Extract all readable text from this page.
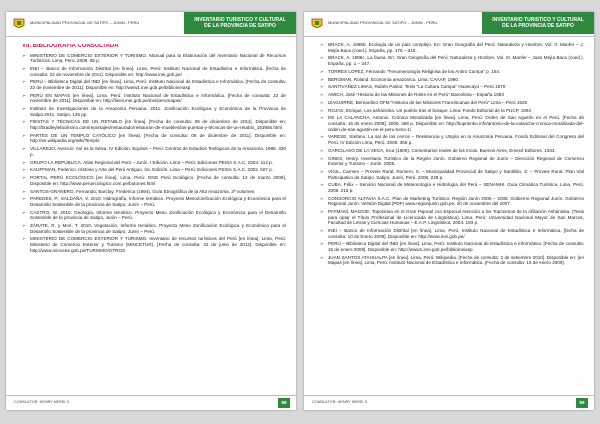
MUNICIPALIDAD PROVINCIAL DE SATIPO – JUNIN - PERU	INVENTARIO TURISTICO Y CULTURAL
DE LA PROVINCIA DE SATIPO
VII. BIBLIOGRAFIA CONSULTADA
➢ MINISTERIO DE COMERCIO EXTERIOR Y TURISMO. Manual para la Elaboración del Inventario Nacional de Recursos Turísticos. Lima, Perú. 2008. 65 p.
➢ INEI – Banco de Información Distrital [en línea]. Lima, Perú: Instituto Nacional de Estadística e Informática, [fecha de consulta: 22 de noviembre de 2011]. Disponible en: http://www.inei.gob.pe/
➢ PERÚ – Biblioteca Digital del INEI [en línea]. Lima, Perú: Instituto Nacional de Estadística e Informática. [Fecha de consulta: 22 de noviembre de 2011]. Disponible en: http://www1.inei.gob.pe/biblioineiasp
➢ PERÚ EN MAPAS [en línea]. Lima, Perú: Instituto Nacional de Estadística e Informática. [Fecha de consulta: 22 de noviembre de 2011]. Disponible en: http://lineii.inei.gob.pe/inei/perumapas/
➢ Instituto de Investigaciones de la Amazonía Peruana. 2011. Zonificación Ecológica y Económica de la Provincia de Satipo.2011. Satipo, 126 pp.
➢ FIESTAS Y TÉCNICAS DE UN RETABLO [en línea]. [Fecha de consulta: 08 de diciembre de 2011]. Disponible en: http://bradleylefacilismo.com/reportajes/restaurado/restauran-de-muebles/las-puertas-y-técnicas-de-un-retablo_163956.html
➢ PARTES DE UN TEMPLO CATÓLICO [en línea]. [Fecha de consulta: 08 de diciembre de 2011]. Disponible en: http://es.wikipedia.org/wiki/Templo
➢ VILLAREJO, Avencio. Así es la Selva. IV Edición. Equitos – Perú: Centros de Estudios Teológicos de la Amazonía, 1988. 330 p.
➢ GRUPO LA REPÚBLICA. Atlas Regional del Perú – Junín. I Edición. Lima – Perú: Ediciones PEISA S.A.C. 2004. 112 p.
➢ KAUFFMAN, Federico. Historia y Arte del Perú Antiguo. Ira. Edición. Lima – Perú: Ediciones PEISA S.A.C. 2002. 507 p.
➢ PORTAL PERÚ ECOLÓGICO [en línea]. Lima, Perú: ONG Perú Ecológico. [Fecha de consulta: 12 de marzo 2009]. Disponible en: http://www.peruecologico.com.pe/botones.html
➢ SANTOS-GRANERO, Fernando; Barclay, Frederica (1994). Guía Etnográfica de la Alta Amazonía, 3ª volumen.
➢ PAREDES, P.; SALDAÑA, V. 2010. Hidrografía, Informe temático. Proyecto Mesozonificación Ecológica y Económica para el Desarrollo Sostenible de la provincia de Satipo, Junín – Perú.
➢ CASTRO, W. 2010. Geología, Informe temático. Proyecto Meso Zonificación Ecológica y Económica para el Desarrollo Sostenible de la provincia de Satipo, Junín – Perú.
➢ ZÁRATE, R. y Mori, T. 2010. Vegetación, Informe temático. Proyecto Meso Zonificación Ecológica y Económica para el Desarrollo Sostenible de la provincia de Satipo, Junín – Perú.
➢ MINISTERIO DE COMERCIO EXTERIOR Y TURISMO. Inventario de recursos turísticos del Perú [en línea]. Lima, Perú: Ministerio de Comercio Exterior y Turismo (MINCETUR). [Fecha de consulta: 22 de junio de 2012]. Disponible en: http://www.mincetur.gob.pe/TURISMO/OTROS
CONSULTOR: HENRY NEREI S.	98
MUNICIPALIDAD PROVINCIAL DE SATIPO – JUNIN - PERU	INVENTARIO TURISTICO Y CULTURAL
DE LA PROVINCIA DE SATIPO
➢ BRACK, A. 1986b. Ecología de un país complejo. En: Gran Geografía del Perú: Naturaleza y Hombre, Vol. II. Manfer – J. Mejía Baca (coed.). España, pp. 175 – 315..
➢ BRACK, A. 1986c. La fauna. En: Gran Geografía del Perú: Naturaleza y Hombre, Vol. III. Manfer – Juan Mejía Baca (coed.). España, pp. 1 – 247.
➢ TORRES LOPEZ, Fernando "Fenomenología Religiosa de los Antiro Campa" p. 164.
➢ BERGMAN, Roland. Economía amazónica. Lima: CAAAP, 1990.
➢ SANTIVÁÑEZ LIMAS, Rubén Pastor. Tesis "La Cultura Campa" Huancayo – Perú 1970
➢ AMICH, José "Historia de las Misiones de Roles en el Perú" Barcelona – España 1883
➢ IZAGUIRRE, Bernardino OFM "Historia de las Misiones Franciscanas del Perú" Lima – Perú 1925
➢ ROJAS, Enrique. Los asháninka. Un pueblo tras el bosque. Lima: Fondo Editorial de la PUCP, 1994
➢ DE LA CALANCHA, Antonio. Crónica Moralizada [en línea]. Lima, Perú: Orden de San Agustín en el Perú. [Fecha de consulta: 15 de enero 2009]. 2006. 366 p. Disponible en: http://kuprienko.info/antonio-de-la-calancha-cronica-moralizada-del-orden-de-san-agustin-en-el-peru-tomo-1/
➢ VARESE, Stefano. La sal de los cerros – Resistencia y Utopía en la Amazonía Peruana. Fondo Editorial del Congreso del Perú. IV Edición Lima, Perú. 2006. 366 p.
➢ GARCILASO DE LA VEGA, Inca (1609). Comentarios reales de los Incas. Buenos Aires, Emecé Editores. 1943.
➢ GINES, Henry. Inventario Turístico de la Región Junín. Gobierno Regional de Junín – Dirección Regional de Comercio Exterior y Turismo – Junín. 2005.
➢ VIGIL, Carmen – Proveis Rural; Romero, S. – Municipalidad Provincial de Satipo y Santillán, Z. – Proveis Rural. Plan Vial Participativo de Satipo. Satipo, Junín, Perú. 2006. 228 p.
➢ CUBA, Félix – Servicio Nacional de Meteorología e Hidrología del Perú – SENAMHI. Guía Climática Turística. Lima, Perú. 2009. 216 p.
➢ CONSORCIO ALFAVIA S.A.C. Plan de Marketing Turístico: Región Junín 2006 – 2008. Gobierno Regional Junín. Gobierno Regional Junín. Versión Digital (PDF) www.regionjunin.gob.pe, 20 de noviembre del 2007.
➢ PAYMANÍ, MAGGIE. Toponimia en el Gran Pajonal con Especial Atención a los Topónimos de la Afiliación Asháninka. (Tesis para optar el Título Profesional de Licenciada de Lingüística). Lima, Perú: Universidad Nacional Mayor de San Marcos, Facultad de Letras y Ciencias Humanas – E.A.P. Lingüística. 2004. 193 p.
➢ INEI – Banco de Información Distrital [en línea]. Lima, Perú: Instituto Nacional de Estadística e Informática, [fecha de consulta: 10 de Enero 2009]. Disponible en: http://www.inei.gob.pe/
➢ PERÚ – Biblioteca Digital del INEI [en línea]. Lima, Perú: Instituto Nacional de Estadística e Informática. [Fecha de consulta: 15 de enero 2009]. Disponible en: http://www1.inei.gob.pe/biblioineiasp
➢ JUAN SANTOS ATAHUALPA [en línea]. Lima, Perú: Wikipedia. [Fecha de consulta: 2 de setiembre 2010]. Disponible en: [en Mapas [en línea]. Lima, Perú: Instituto Nacional de Estadística e Informática. [Fecha de consulta: 15 de enero 2009].
CONSULTOR: HENRY NEREI S.	99
